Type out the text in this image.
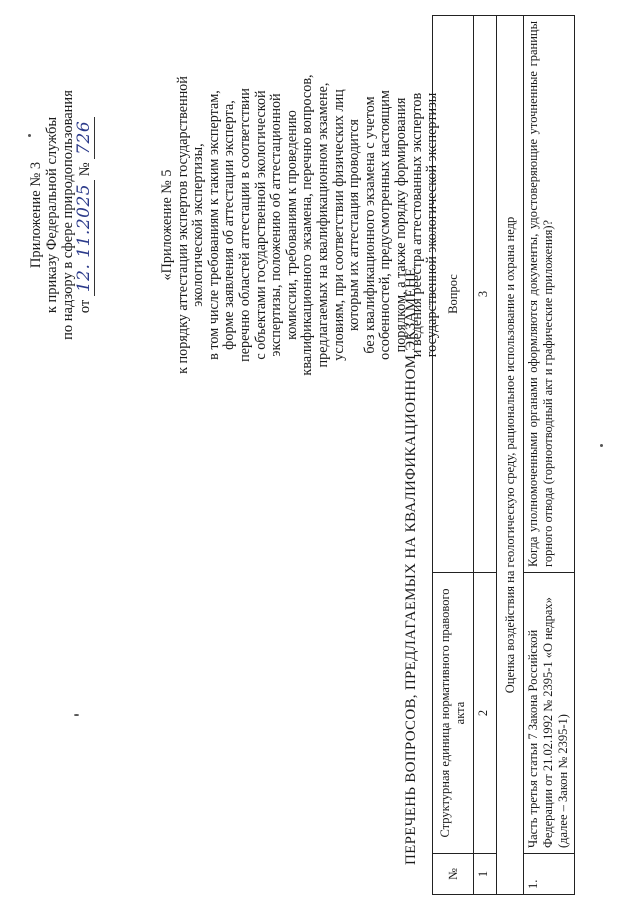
Приложение № 3 к приказу Федеральной службы по надзору в сфере природопользования от 12. 11.2025 № 726
«Приложение № 5 к порядку аттестации экспертов государственной экологической экспертизы, в том числе требованиям к таким экспертам, форме заявления об аттестации эксперта, перечню областей аттестации в соответствии с объектами государственной экологической экспертизы, положению об аттестационной комиссии, требованиям к проведению квалификационного экзамена, перечню вопросов, предлагаемых на квалификационном экзамене, условиям, при соответствии физических лиц которым их аттестация проводится без квалификационного экзамена с учетом особенностей, предусмотренных настоящим порядком, а также порядку формирования и ведения реестра аттестованных экспертов государственной экологической экспертизы
ПЕРЕЧЕНЬ ВОПРОСОВ, ПРЕДЛАГАЕМЫХ НА КВАЛИФИКАЦИОННОМ ЭКЗАМЕНЕ
№	Структурная единица нормативного правового акта	Вопрос
1	2	3
Оценка воздействия на геологическую среду, рациональное использование и охрана недр		
1.	Часть третья статьи 7 Закона Российской Федерации от 21.02.1992 № 2395-1 «О недрах» (далее – Закон № 2395-1)	Когда уполномоченными органами оформляются документы, удостоверяющие уточненные границы горного отвода (горноотводный акт и графические приложения)?
